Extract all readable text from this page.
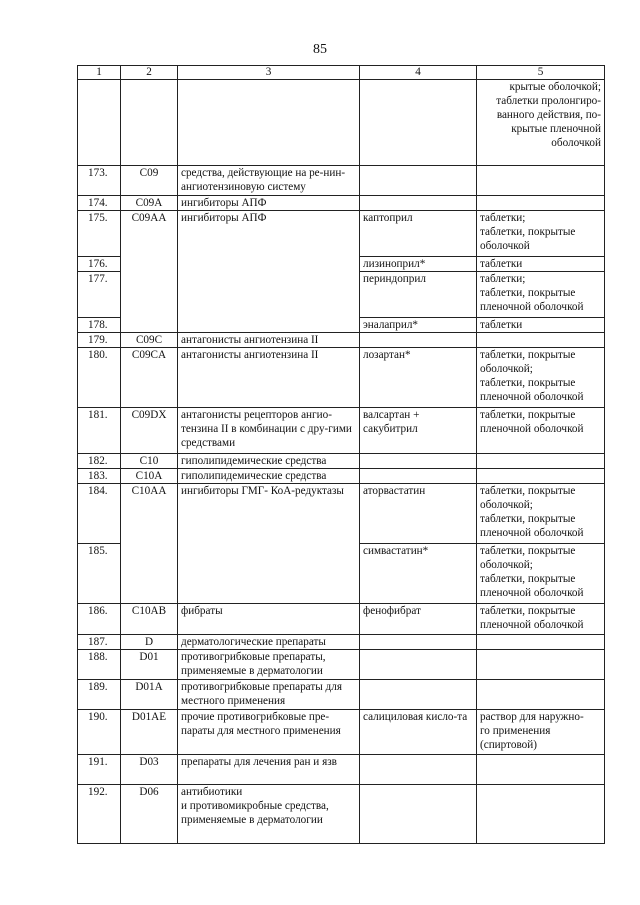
85
1	2	3	4	5
				крытые оболочкой;
таблетки пролонгиро-
ванного действия, по-
крытые пленочной
оболочкой
173.	C09	средства, действующие на ре-нин-ангиотензиновую систему		
174.	C09A	ингибиторы АПФ		
175.	C09AA	ингибиторы АПФ	каптоприл	таблетки;
таблетки, покрытые
оболочкой
176.			лизиноприл*	таблетки
177.			периндоприл	таблетки;
таблетки, покрытые
пленочной оболочкой
178.			эналаприл*	таблетки
179.	C09C	антагонисты ангиотензина II		
180.	C09CA	антагонисты ангиотензина II	лозартан*	таблетки, покрытые
оболочкой;
таблетки, покрытые
пленочной оболочкой
181.	C09DX	антагонисты рецепторов ангио-тензина II в комбинации с дру-гими средствами	валсартан + сакубитрил	таблетки, покрытые
пленочной оболочкой
182.	C10	гиполипидемические средства		
183.	C10A	гиполипидемические средства		
184.	C10AA	ингибиторы ГМГ- КоА-редуктазы	аторвастатин	таблетки, покрытые
оболочкой;
таблетки, покрытые
пленочной оболочкой
185.			симвастатин*	таблетки, покрытые
оболочкой;
таблетки, покрытые
пленочной оболочкой
186.	C10AB	фибраты	фенофибрат	таблетки, покрытые
пленочной оболочкой
187.	D	дерматологические препараты		
188.	D01	противогрибковые препараты, применяемые в дерматологии		
189.	D01A	противогрибковые препараты для местного применения		
190.	D01AE	прочие противогрибковые пре-параты для местного применения	салициловая кисло-та	раствор для наружно-
го применения
(спиртовой)
191.	D03	препараты для лечения ран и язв		
192.	D06	антибиотики
и противомикробные средства, применяемые в дерматологии		
